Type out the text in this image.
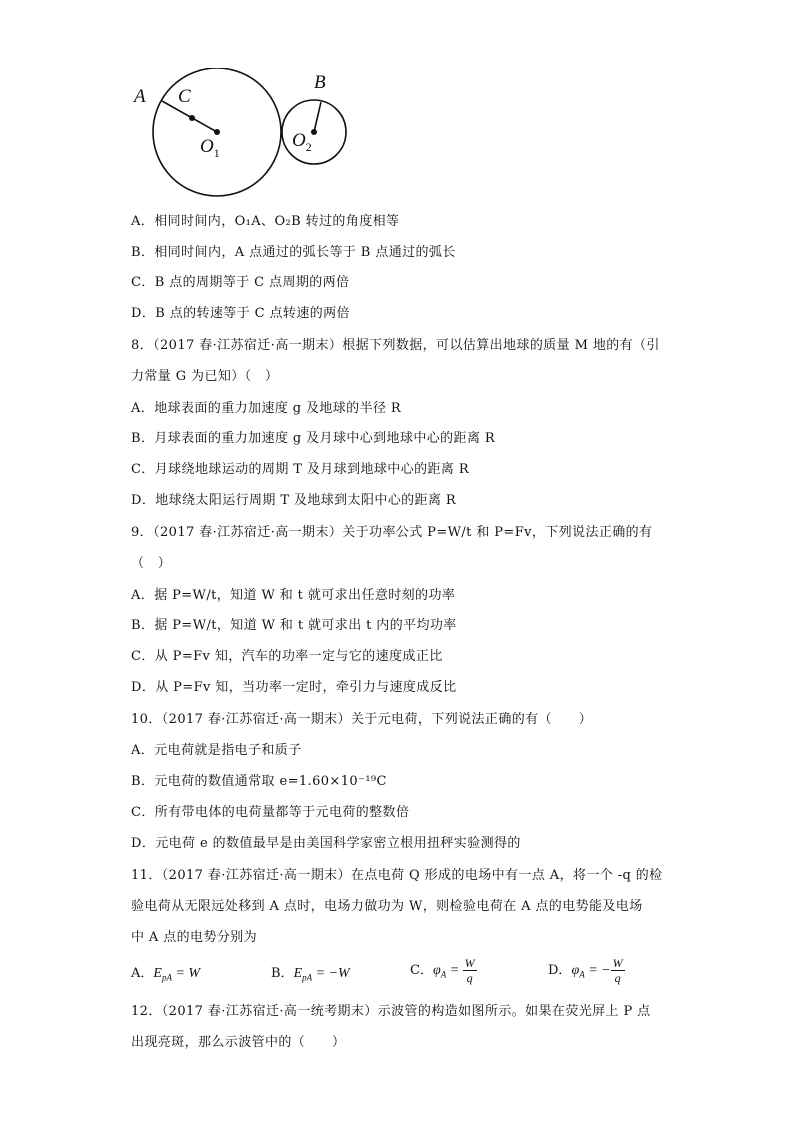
A C
B
$O_1$
$O_2$
A．相同时间内，O₁A、O₂B 转过的角度相等
B．相同时间内，A 点通过的弧长等于 B 点通过的弧长
C．B 点的周期等于 C 点周期的两倍
D．B 点的转速等于 C 点转速的两倍
8．（2017 春·江苏宿迁·高一期末）根据下列数据，可以估算出地球的质量 M 地的有（引
力常量 G 为已知）（　）
A．地球表面的重力加速度 g 及地球的半径 R
B．月球表面的重力加速度 g 及月球中心到地球中心的距离 R
C．月球绕地球运动的周期 T 及月球到地球中心的距离 R
D．地球绕太阳运行周期 T 及地球到太阳中心的距离 R
9．（2017 春·江苏宿迁·高一期末）关于功率公式 P=W/t 和 P=Fv，下列说法正确的有
（　）
A．据 P=W/t，知道 W 和 t 就可求出任意时刻的功率
B．据 P=W/t，知道 W 和 t 就可求出 t 内的平均功率
C．从 P=Fv 知，汽车的功率一定与它的速度成正比
D．从 P=Fv 知，当功率一定时，牵引力与速度成反比
10．（2017 春·江苏宿迁·高一期末）关于元电荷，下列说法正确的有（　　）
A．元电荷就是指电子和质子
B．元电荷的数值通常取 e=1.60×10⁻¹⁹C
C．所有带电体的电荷量都等于元电荷的整数倍
D．元电荷 e 的数值最早是由美国科学家密立根用扭秤实验测得的
11．（2017 春·江苏宿迁·高一期末）在点电荷 Q 形成的电场中有一点 A，将一个 -q 的检
验电荷从无限远处移到 A 点时，电场力做功为 W，则检验电荷在 A 点的电势能及电场
中 A 点的电势分别为
A．$E_{pA} = W$	B．$E_{pA} = -W$	C．$\varphi_A = \frac{W}{q}$	D．$\varphi_A$ = − $\frac{W}{q}$
12．（2017 春·江苏宿迁·高一统考期末）示波管的构造如图所示。如果在荧光屏上 P 点
出现亮斑，那么示波管中的（　　）
